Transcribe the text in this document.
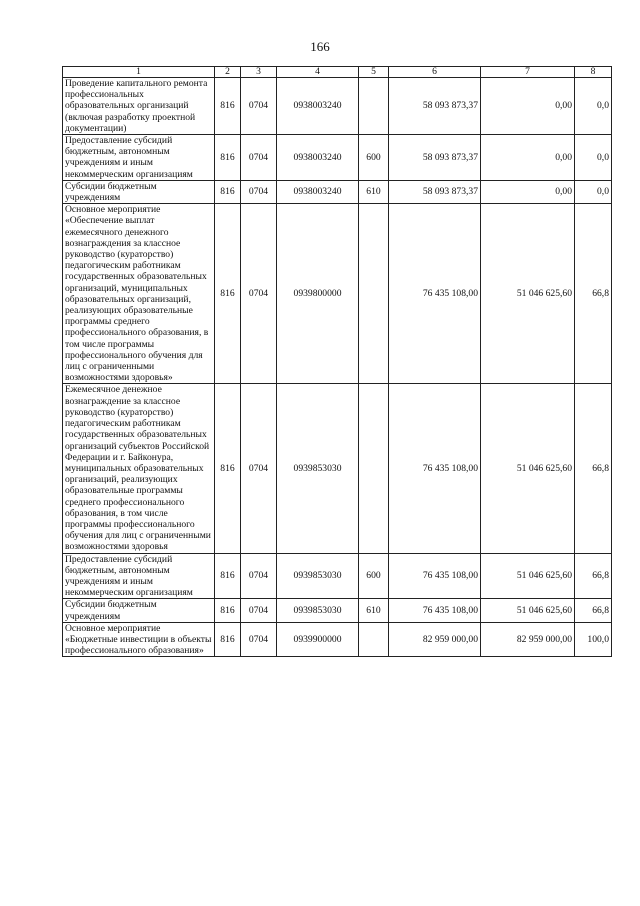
166
1	2	3	4	5	6	7	8
Проведение капитального ремонта профессиональных образовательных организаций (включая разработку проектной документации)	816	0704	0938003240		58 093 873,37	0,00	0,0
Предоставление субсидий бюджетным, автономным учреждениям и иным некоммерческим организациям	816	0704	0938003240	600	58 093 873,37	0,00	0,0
Субсидии бюджетным учреждениям	816	0704	0938003240	610	58 093 873,37	0,00	0,0
Основное мероприятие «Обеспечение выплат ежемесячного денежного вознаграждения за классное руководство (кураторство) педагогическим работникам государственных образовательных организаций, муниципальных образовательных организаций, реализующих образовательные программы среднего профессионального образования, в том числе программы профессионального обучения для лиц с ограниченными возможностями здоровья»	816	0704	0939800000		76 435 108,00	51 046 625,60	66,8
Ежемесячное денежное вознаграждение за классное руководство (кураторство) педагогическим работникам государственных образовательных организаций субъектов Российской Федерации и г. Байконура, муниципальных образовательных организаций, реализующих образовательные программы среднего профессионального образования, в том числе программы профессионального обучения для лиц с ограниченными возможностями здоровья	816	0704	0939853030		76 435 108,00	51 046 625,60	66,8
Предоставление субсидий бюджетным, автономным учреждениям и иным некоммерческим организациям	816	0704	0939853030	600	76 435 108,00	51 046 625,60	66,8
Субсидии бюджетным учреждениям	816	0704	0939853030	610	76 435 108,00	51 046 625,60	66,8
Основное мероприятие «Бюджетные инвестиции в объекты профессионального образования»	816	0704	0939900000		82 959 000,00	82 959 000,00	100,0
